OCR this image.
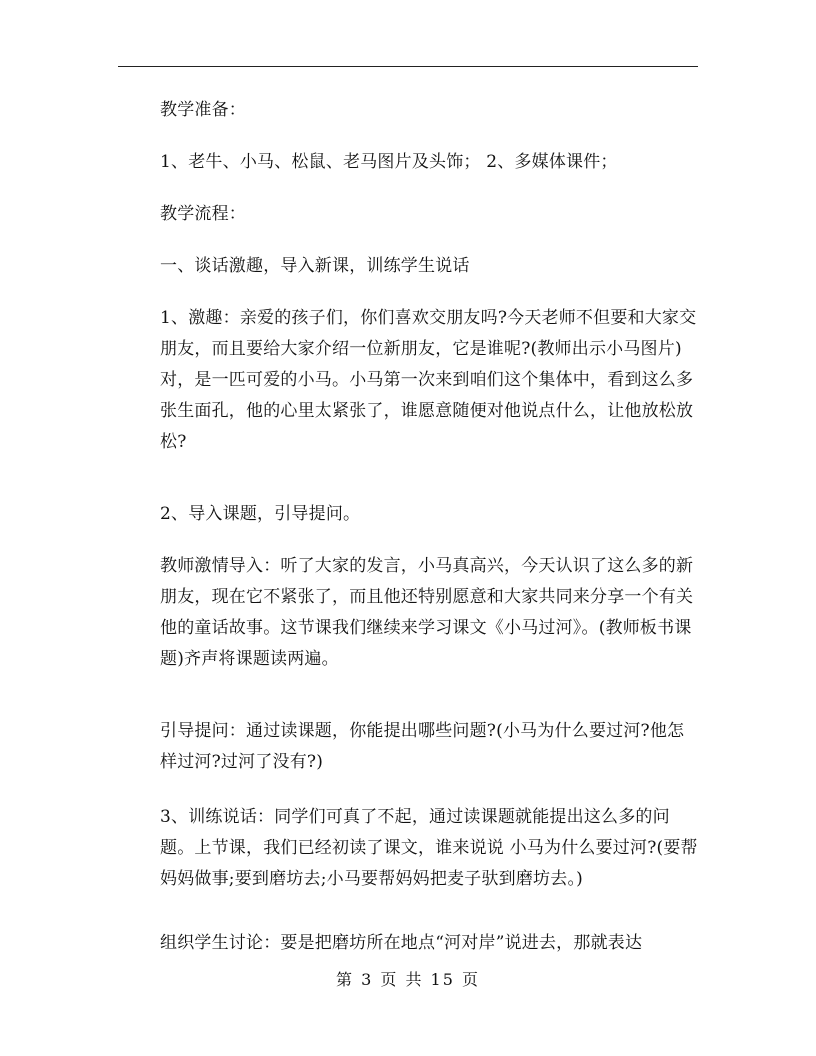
教学准备：
1、老牛、小马、松鼠、老马图片及头饰； 2、多媒体课件；
教学流程：
一、谈话激趣，导入新课，训练学生说话
1、激趣：亲爱的孩子们，你们喜欢交朋友吗?今天老师不但要和大家交朋友，而且要给大家介绍一位新朋友，它是谁呢?(教师出示小马图片)对，是一匹可爱的小马。小马第一次来到咱们这个集体中，看到这么多张生面孔，他的心里太紧张了，谁愿意随便对他说点什么，让他放松放松?
2、导入课题，引导提问。
教师激情导入：听了大家的发言，小马真高兴，今天认识了这么多的新朋友，现在它不紧张了，而且他还特别愿意和大家共同来分享一个有关他的童话故事。这节课我们继续来学习课文《小马过河》。(教师板书课题)齐声将课题读两遍。
引导提问：通过读课题，你能提出哪些问题?(小马为什么要过河?他怎样过河?过河了没有?)
3、训练说话：同学们可真了不起，通过读课题就能提出这么多的问题。上节课，我们已经初读了课文，谁来说说 小马为什么要过河?(要帮妈妈做事;要到磨坊去;小马要帮妈妈把麦子驮到磨坊去。)
组织学生讨论：要是把磨坊所在地点“河对岸”说进去，那就表达
第 3 页 共 15 页
